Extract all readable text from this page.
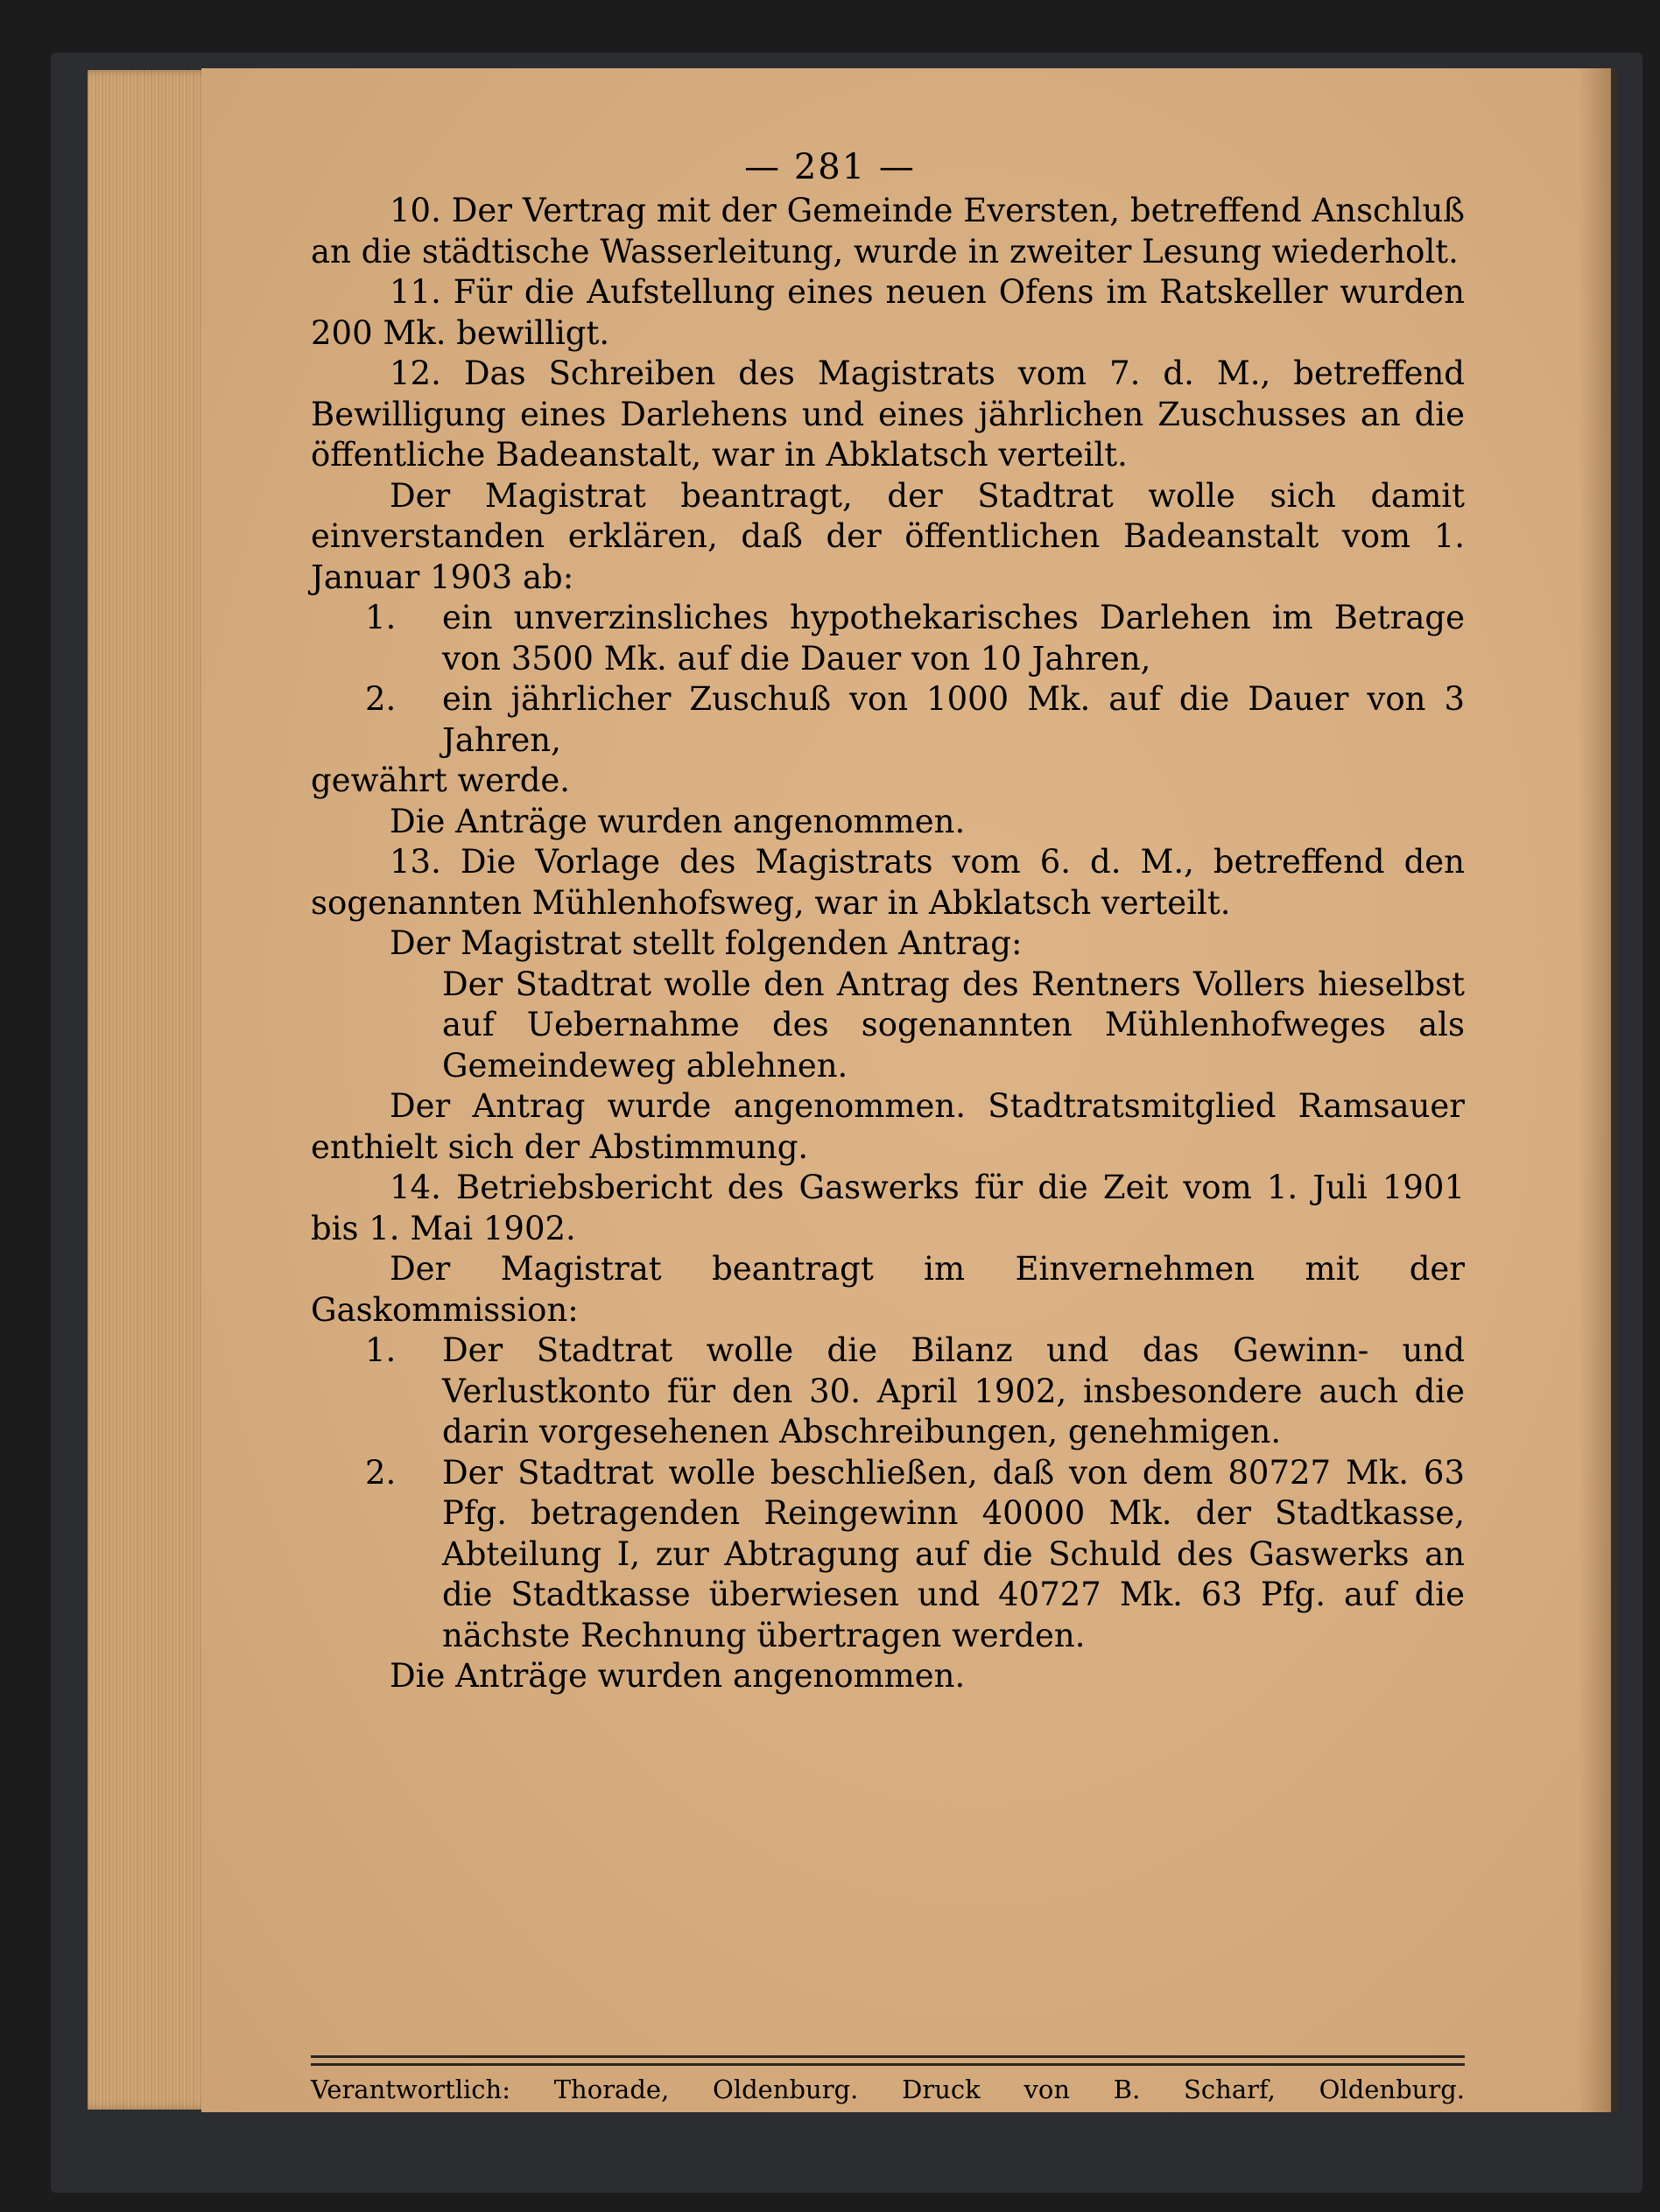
— 281 —

10. Der Vertrag mit der Gemeinde Eversten, betreffend Anschluß an die städtische Wasserleitung, wurde in zweiter Lesung wiederholt.

11. Für die Aufstellung eines neuen Ofens im Ratskeller wurden 200 Mk. bewilligt.

12. Das Schreiben des Magistrats vom 7. d. M., betreffend Bewilligung eines Darlehens und eines jährlichen Zuschusses an die öffentliche Badeanstalt, war in Abklatsch verteilt.

Der Magistrat beantragt, der Stadtrat wolle sich damit einverstanden erklären, daß der öffentlichen Badeanstalt vom 1. Januar 1903 ab:

1. ein unverzinsliches hypothekarisches Darlehen im Betrage von 3500 Mk. auf die Dauer von 10 Jahren,

2. ein jährlicher Zuschuß von 1000 Mk. auf die Dauer von 3 Jahren,

gewährt werde.

Die Anträge wurden angenommen.

13. Die Vorlage des Magistrats vom 6. d. M., betreffend den sogenannten Mühlenhofsweg, war in Abklatsch verteilt.

Der Magistrat stellt folgenden Antrag:

Der Stadtrat wolle den Antrag des Rentners Vollers hieselbst auf Uebernahme des sogenannten Mühlenhofweges als Gemeindeweg ablehnen.

Der Antrag wurde angenommen. Stadtratsmitglied Ramsauer enthielt sich der Abstimmung.

14. Betriebsbericht des Gaswerks für die Zeit vom 1. Juli 1901 bis 1. Mai 1902.

Der Magistrat beantragt im Einvernehmen mit der Gaskommission:

1. Der Stadtrat wolle die Bilanz und das Gewinn- und Verlustkonto für den 30. April 1902, insbesondere auch die darin vorgesehenen Abschreibungen, genehmigen.

2. Der Stadtrat wolle beschließen, daß von dem 80727 Mk. 63 Pfg. betragenden Reingewinn 40000 Mk. der Stadtkasse, Abteilung I, zur Abtragung auf die Schuld des Gaswerks an die Stadtkasse überwiesen und 40727 Mk. 63 Pfg. auf die nächste Rechnung übertragen werden.

Die Anträge wurden angenommen.

Verantwortlich: Thorade, Oldenburg. Druck von B. Scharf, Oldenburg.
